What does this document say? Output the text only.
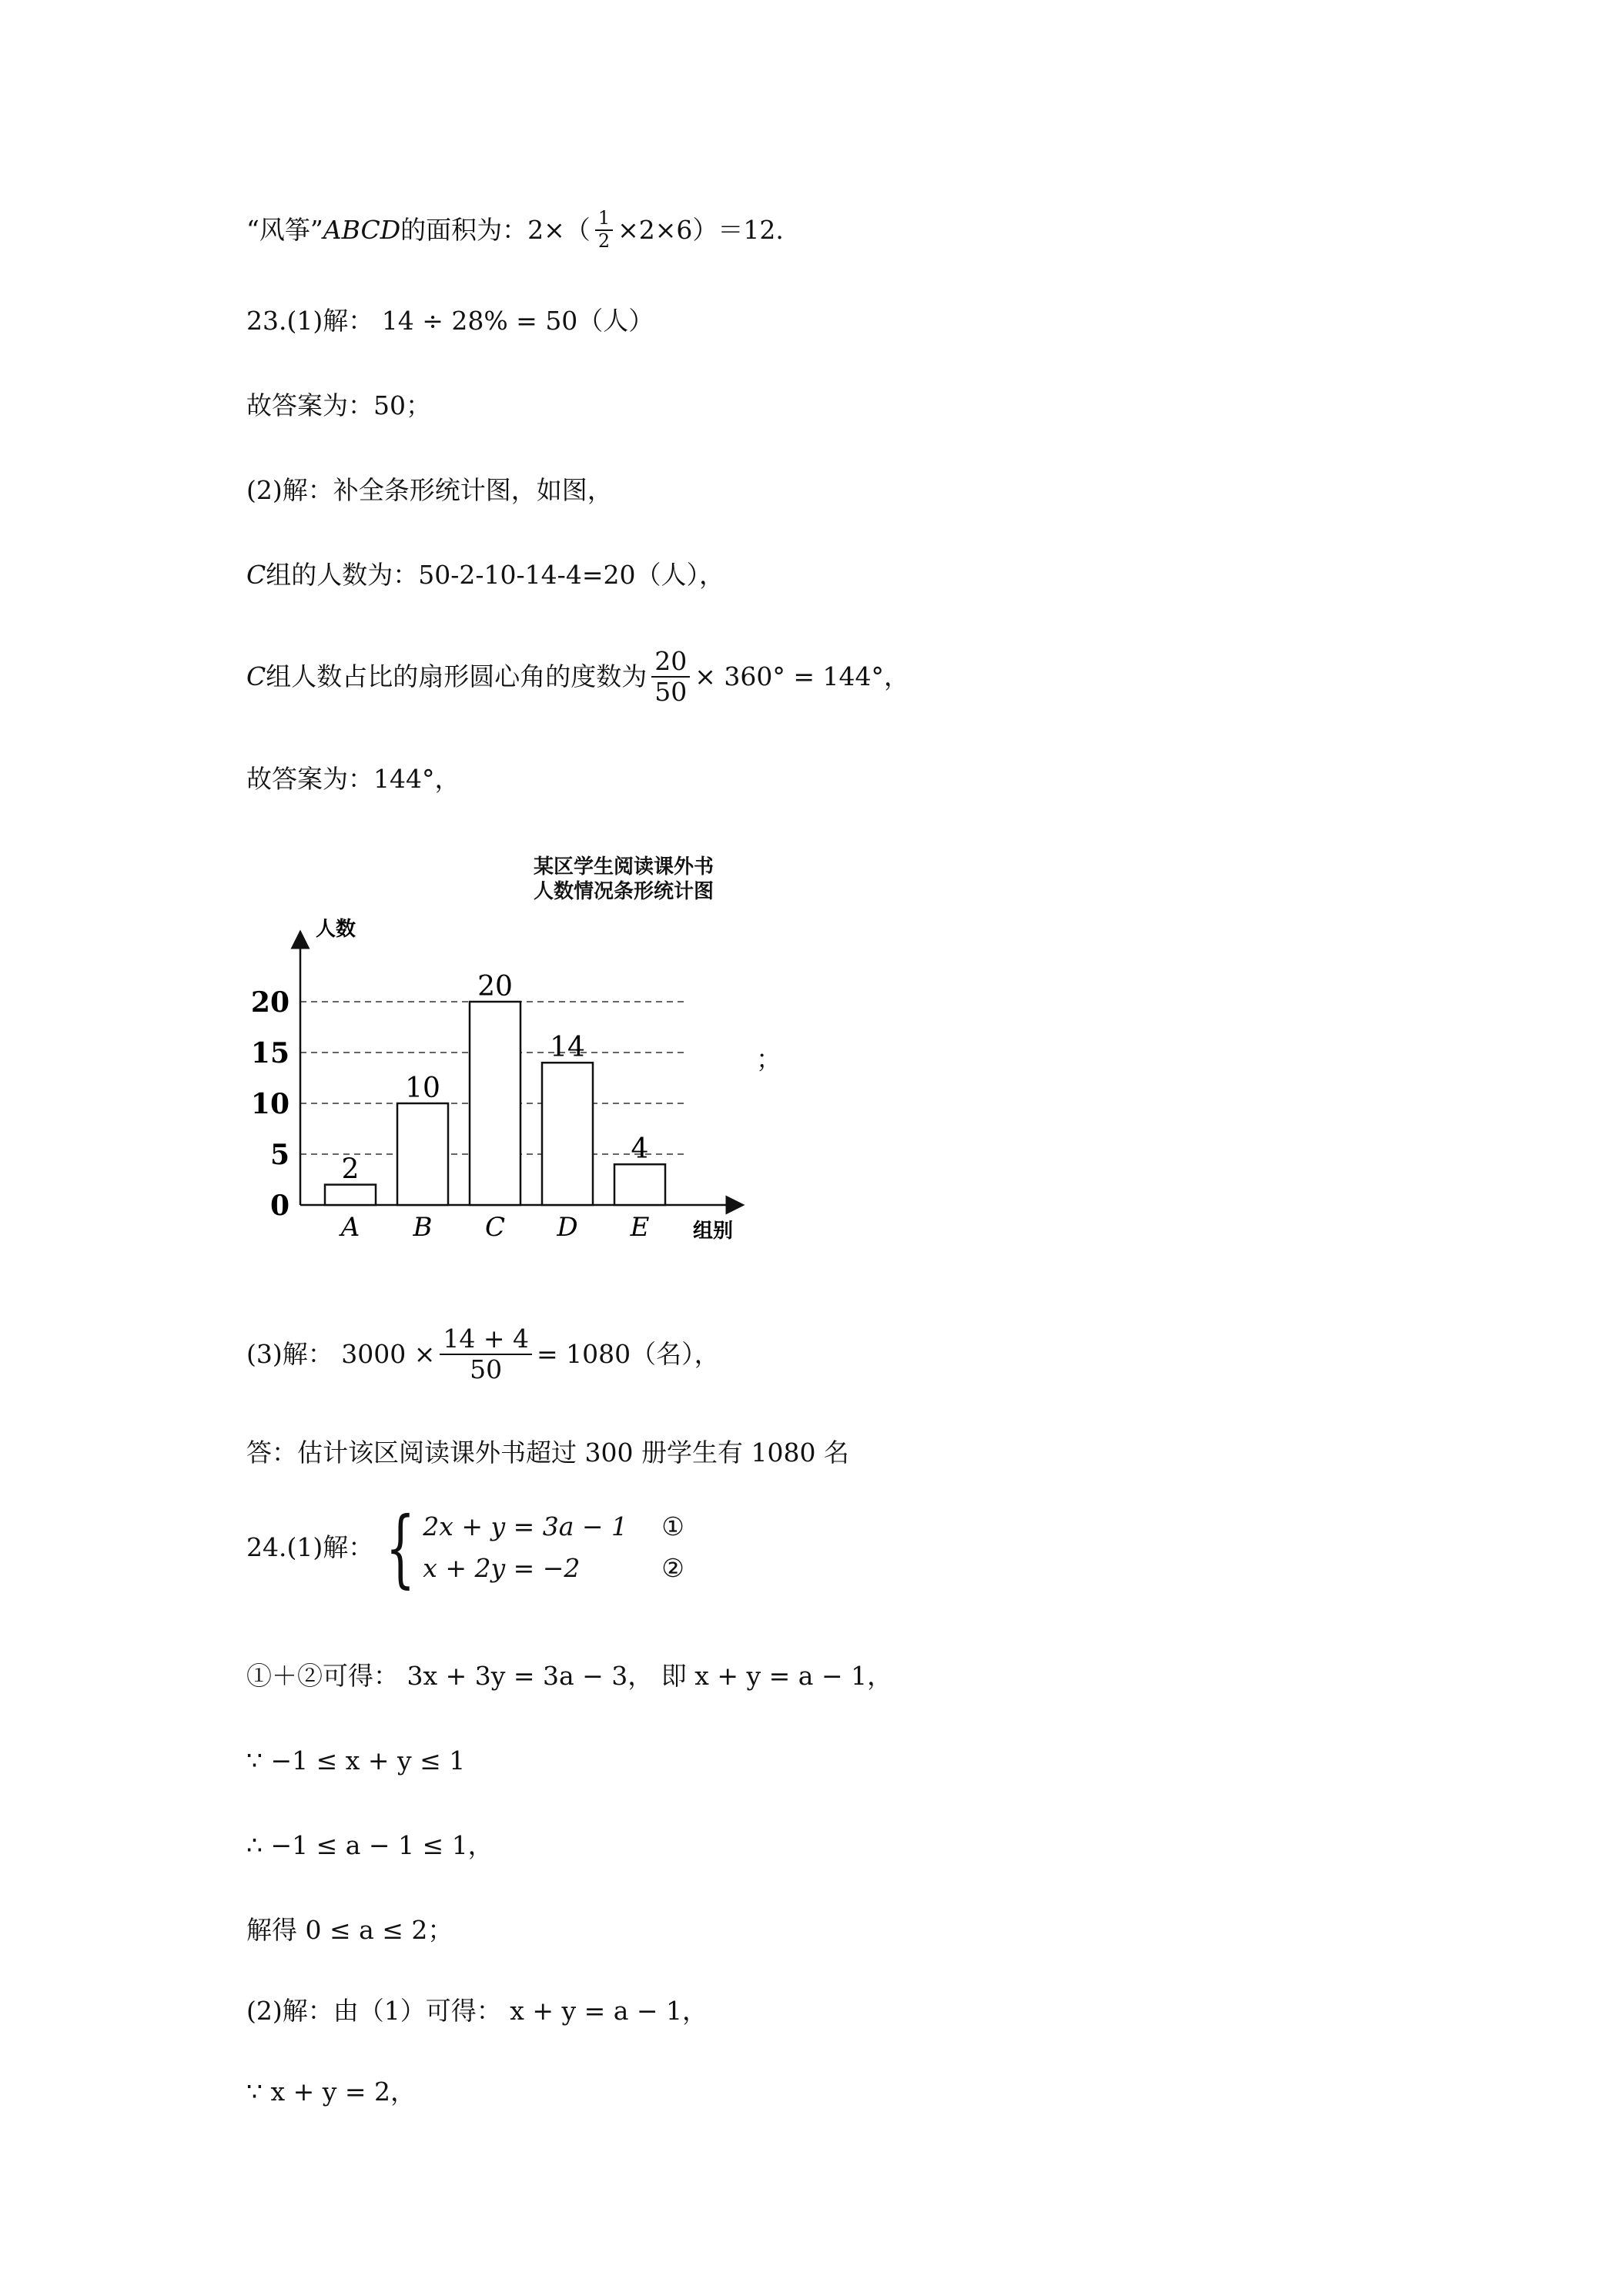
“风筝” ABCD 的面积为：$2\times( \frac{1}{2} \times 2\times 6)=12$.
23.(1)解： 14 ÷ 28% = 50（人）
故答案为：50；
(2)解：补全条形统计图，如图，
C 组的人数为：50-2-10-14-4=20（人），
C 组人数占比的扇形圆心角的度数为 $\frac{20}{50} \times 360^\circ = 144^\circ$，
故答案为：144°，
某区学生阅读课外书
人数情况条形统计图
人数
组别
0
5
10
15
20
2
A
10
B
20
C
14
D
4
E
；
(3)解： $3000 \times \frac{14 + 4}{50} = 1080$（名），
答：估计该区阅读课外书超过 300 册学生有 1080 名
24.(1)解： { 2x + y = 3a − 1	①
x + 2y = −2	②
①＋②可得： 3x + 3y = 3a − 3， 即 x + y = a − 1，
∵ −1 ≤ x + y ≤ 1
∴ −1 ≤ a − 1 ≤ 1，
解得 0 ≤ a ≤ 2；
(2)解：由（1）可得： x + y = a − 1，
∵ x + y = 2，
